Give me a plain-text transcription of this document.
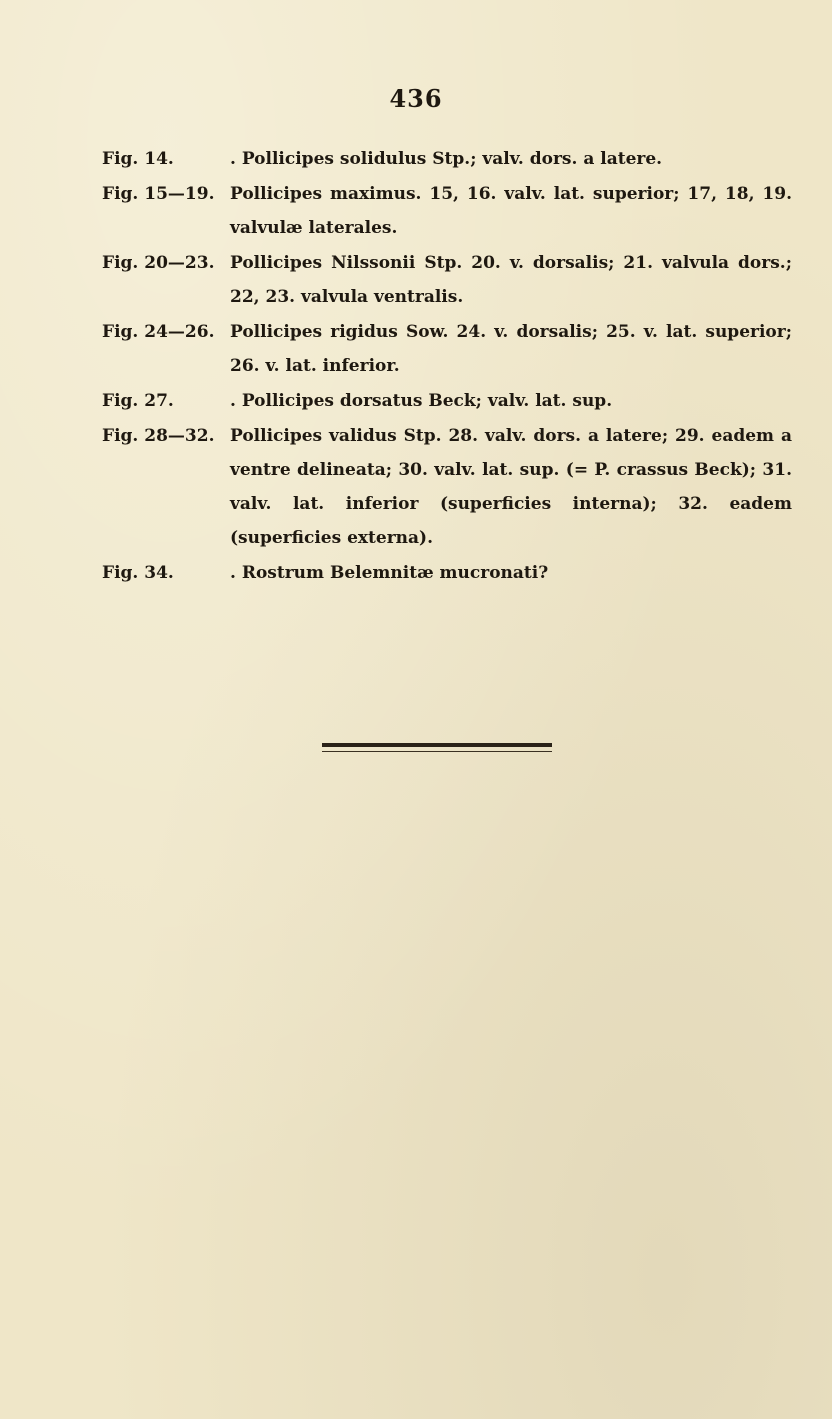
436
Fig. 14.	. Pollicipes solidulus Stp.; valv. dors. a latere.
Fig. 15—19. Pollicipes maximus. 15, 16. valv. lat. superior; 17, 18, 19. valvulæ laterales.
Fig. 20—23. Pollicipes Nilssonii Stp. 20. v. dorsalis; 21. valvula dors.; 22, 23. valvula ventralis.
Fig. 24—26. Pollicipes rigidus Sow. 24. v. dorsalis; 25. v. lat. superior; 26. v. lat. inferior.
Fig. 27.	. Pollicipes dorsatus Beck; valv. lat. sup.
Fig. 28—32. Pollicipes validus Stp. 28. valv. dors. a latere; 29. eadem a ventre delineata; 30. valv. lat. sup. (= P. crassus Beck); 31. valv. lat. inferior (superficies interna); 32. eadem (superficies externa).
Fig. 34.	. Rostrum Belemnitæ mucronati?
